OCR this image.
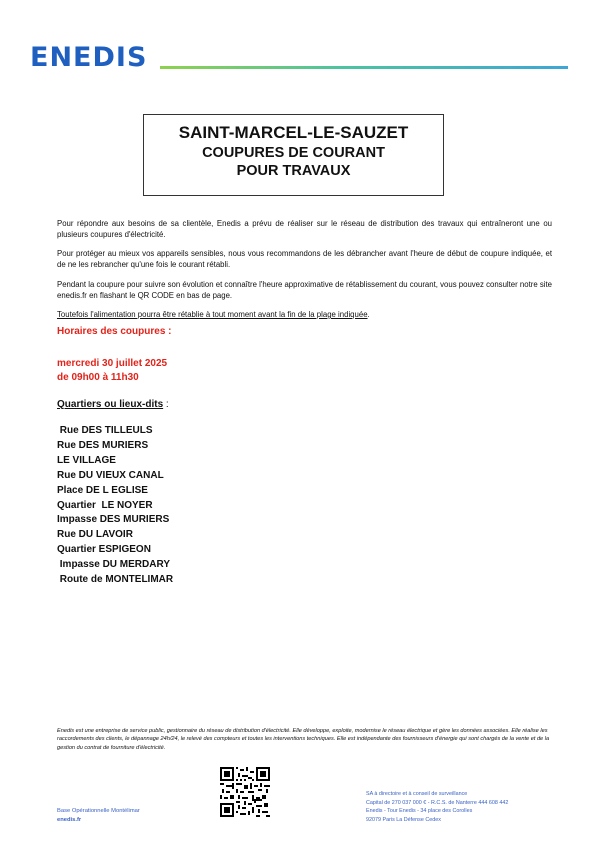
ENEDIS
SAINT-MARCEL-LE-SAUZET
COUPURES DE COURANT
POUR TRAVAUX

Pour répondre aux besoins de sa clientèle, Enedis a prévu de réaliser sur le réseau de distribution des travaux qui entraîneront une ou plusieurs coupures d'électricité.

Pour protéger au mieux vos appareils sensibles, nous vous recommandons de les débrancher avant l'heure de début de coupure indiquée, et de ne les rebrancher qu'une fois le courant rétabli.

Pendant la coupure pour suivre son évolution et connaître l'heure approximative de rétablissement du courant, vous pouvez consulter notre site enedis.fr en flashant le QR CODE en bas de page.

Toutefois l'alimentation pourra être rétablie à tout moment avant la fin de la plage indiquée.

Horaires des coupures :
mercredi 30 juillet 2025
de 09h00 à 11h30
Quartiers ou lieux-dits :
Rue DES TILLEULS
Rue DES MURIERS
LE VILLAGE
Rue DU VIEUX CANAL
Place DE L EGLISE
Quartier  LE NOYER
Impasse DES MURIERS
Rue DU LAVOIR
Quartier ESPIGEON
Impasse DU MERDARY
Route de MONTELIMAR

Enedis est une entreprise de service public, gestionnaire du réseau de distribution d'électricité. Elle développe, exploite, modernise le réseau électrique et gère les données associées. Elle réalise les raccordements des clients, le dépannage 24h/24, le relevé des compteurs et toutes les interventions techniques. Elle est indépendante des fournisseurs d'énergie qui sont chargés de la vente et de la gestion du contrat de fourniture d'électricité.

Base Opérationnelle Montélimar
enedis.fr
SA à directoire et à conseil de surveillance
Capital de 270 037 000 € - R.C.S. de Nanterre 444 608 442
Enedis - Tour Enedis - 34 place des Corolles
92079 Paris La Défense Cedex
